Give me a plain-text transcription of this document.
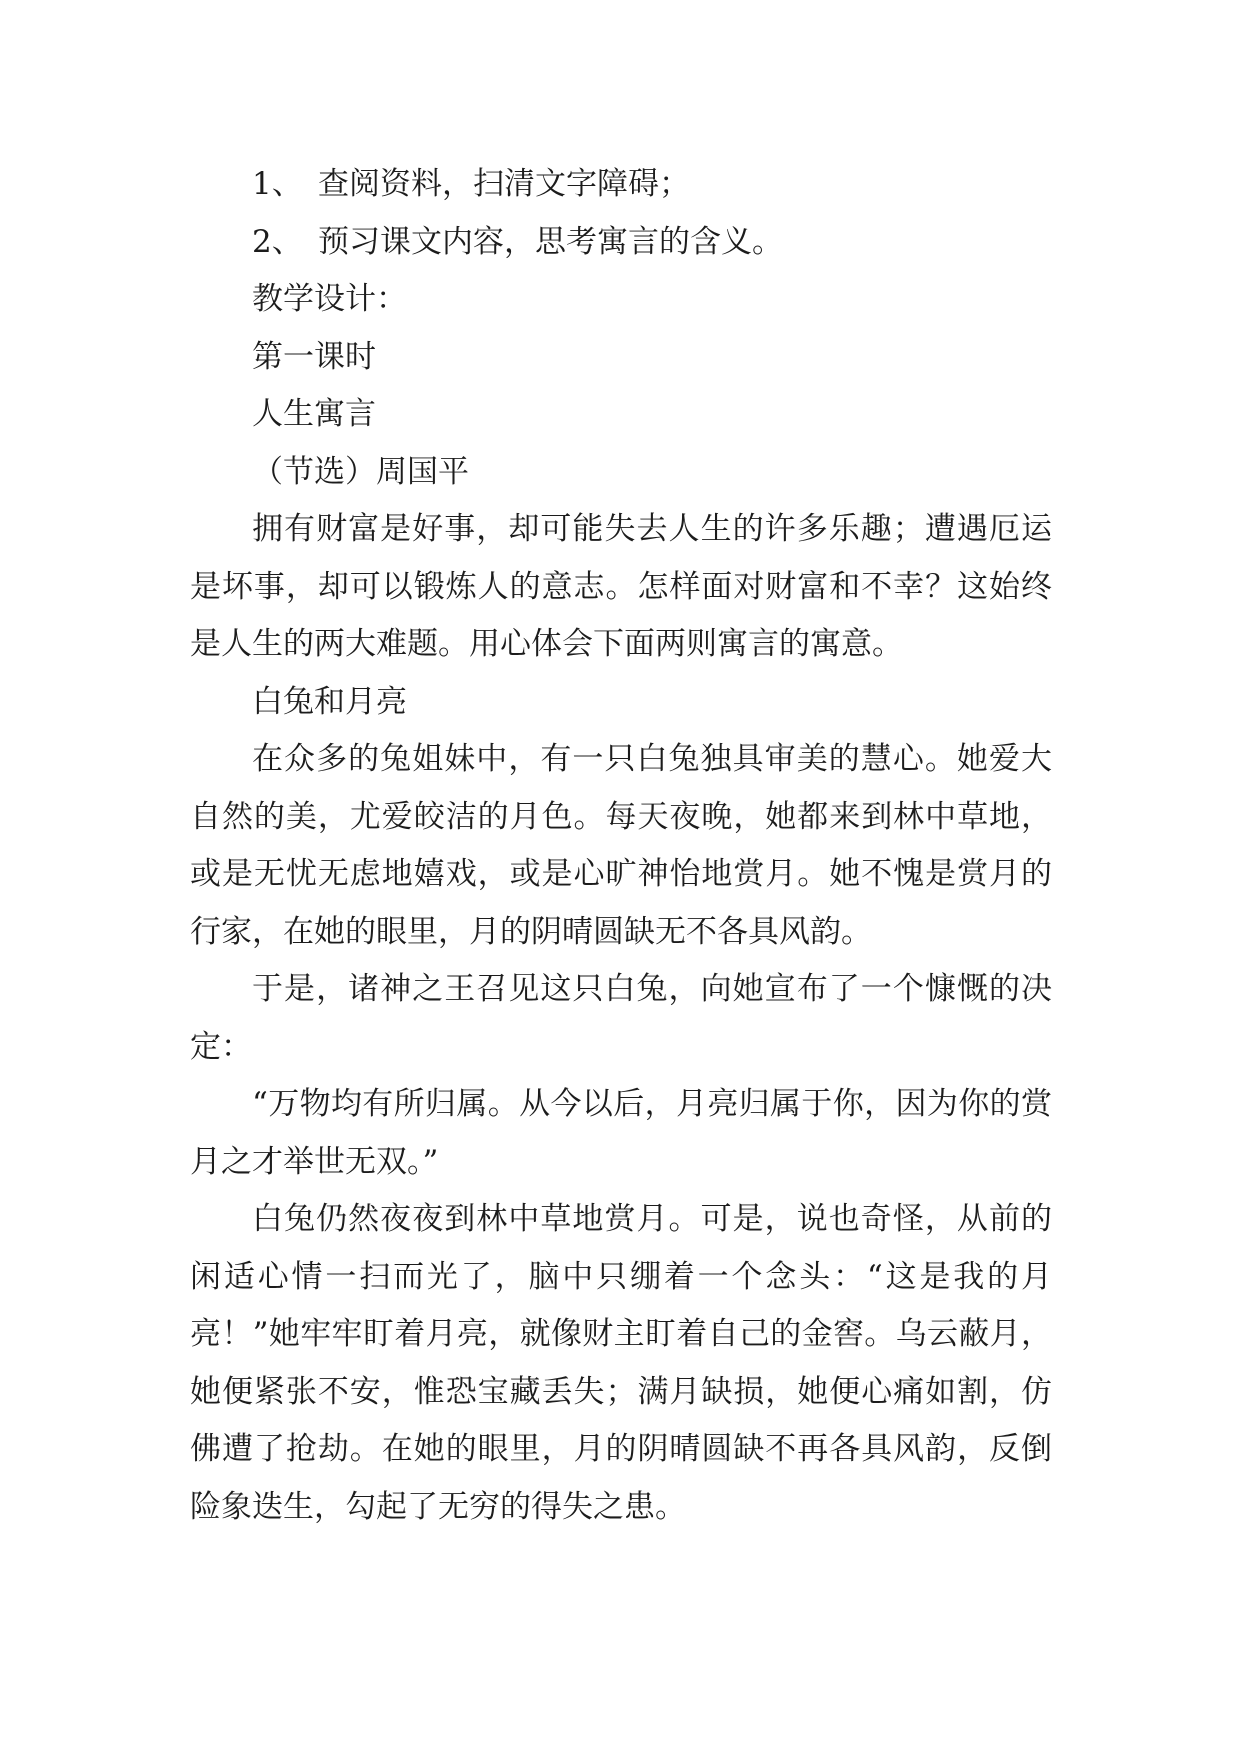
1、 查阅资料，扫清文字障碍；

2、 预习课文内容，思考寓言的含义。

教学设计：

第一课时

人生寓言

（节选）周国平

拥有财富是好事，却可能失去人生的许多乐趣；遭遇厄运是坏事，却可以锻炼人的意志。怎样面对财富和不幸？这始终是人生的两大难题。用心体会下面两则寓言的寓意。

白兔和月亮

在众多的兔姐妹中，有一只白兔独具审美的慧心。她爱大自然的美，尤爱皎洁的月色。每天夜晚，她都来到林中草地，或是无忧无虑地嬉戏，或是心旷神怡地赏月。她不愧是赏月的行家，在她的眼里，月的阴晴圆缺无不各具风韵。

于是，诸神之王召见这只白兔，向她宣布了一个慷慨的决定：

“万物均有所归属。从今以后，月亮归属于你，因为你的赏月之才举世无双。”

白兔仍然夜夜到林中草地赏月。可是，说也奇怪，从前的闲适心情一扫而光了，脑中只绷着一个念头：“这是我的月亮！”她牢牢盯着月亮，就像财主盯着自己的金窖。乌云蔽月，她便紧张不安，惟恐宝藏丢失；满月缺损，她便心痛如割，仿佛遭了抢劫。在她的眼里，月的阴晴圆缺不再各具风韵，反倒险象迭生，勾起了无穷的得失之患。
